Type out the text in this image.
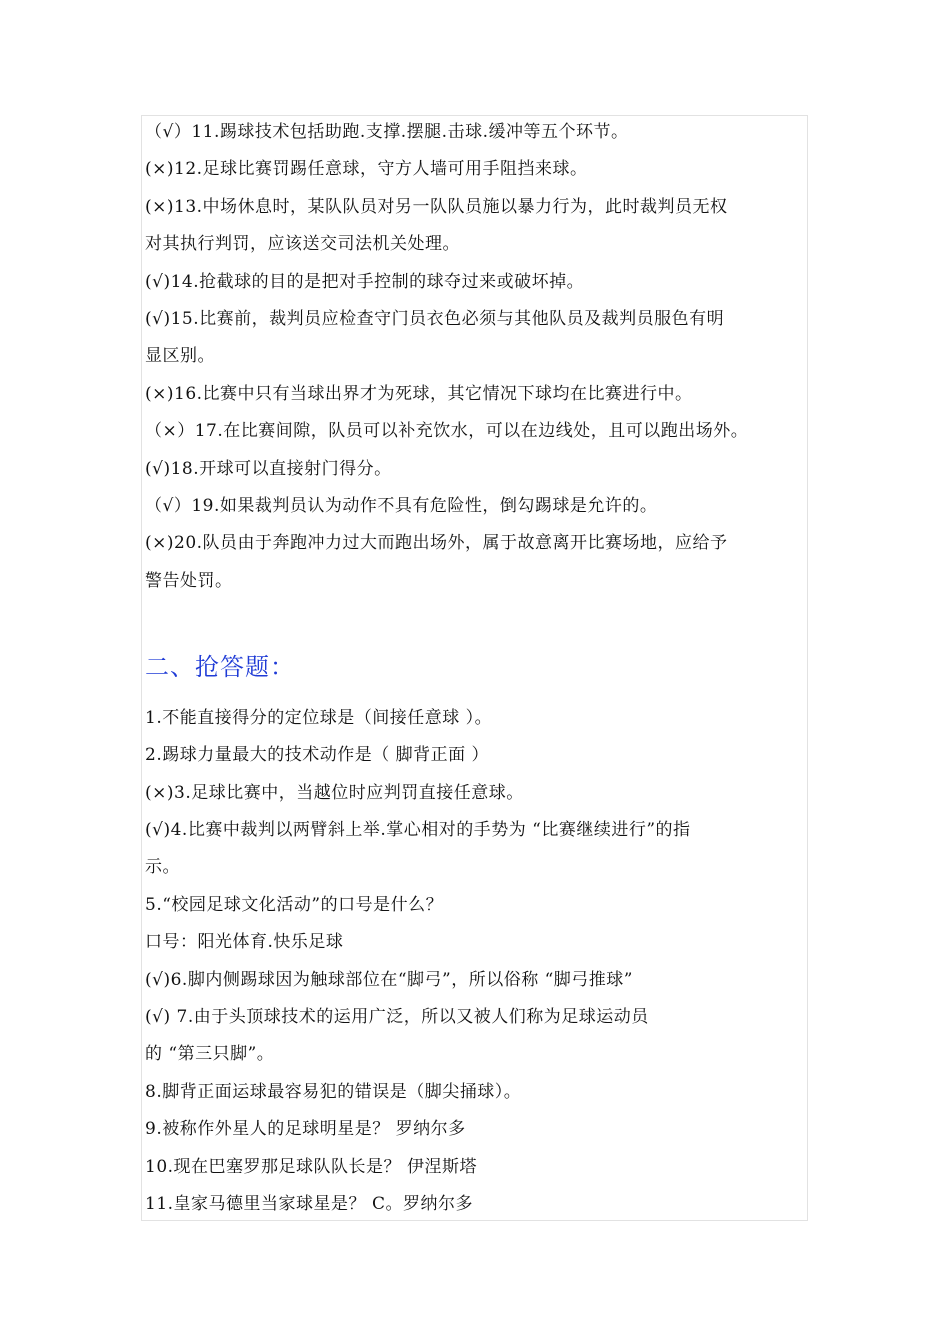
（√）11.踢球技术包括助跑.支撑.摆腿.击球.缓冲等五个环节。
(×)12.足球比赛罚踢任意球，守方人墙可用手阻挡来球。
(×)13.中场休息时，某队队员对另一队队员施以暴力行为，此时裁判员无权
对其执行判罚，应该送交司法机关处理。
(√)14.抢截球的目的是把对手控制的球夺过来或破坏掉。
(√)15.比赛前，裁判员应检查守门员衣色必须与其他队员及裁判员服色有明
显区别。
(×)16.比赛中只有当球出界才为死球，其它情况下球均在比赛进行中。
（×）17.在比赛间隙，队员可以补充饮水，可以在边线处，且可以跑出场外。
(√)18.开球可以直接射门得分。
（√）19.如果裁判员认为动作不具有危险性，倒勾踢球是允许的。
(×)20.队员由于奔跑冲力过大而跑出场外，属于故意离开比赛场地，应给予
警告处罚。
二、抢答题：
1.不能直接得分的定位球是（间接任意球 ）。
2.踢球力量最大的技术动作是（ 脚背正面 ）
(×)3.足球比赛中，当越位时应判罚直接任意球。
(√)4.比赛中裁判以两臂斜上举.掌心相对的手势为 “比赛继续进行”的指
示。
5.“校园足球文化活动”的口号是什么？
口号：阳光体育.快乐足球
(√)6.脚内侧踢球因为触球部位在“脚弓”，所以俗称 “脚弓推球”
(√) 7.由于头顶球技术的运用广泛，所以又被人们称为足球运动员
的 “第三只脚”。
8.脚背正面运球最容易犯的错误是（脚尖捅球）。
9.被称作外星人的足球明星是？ 罗纳尔多
10.现在巴塞罗那足球队队长是？ 伊涅斯塔
11.皇家马德里当家球星是？ C。罗纳尔多
